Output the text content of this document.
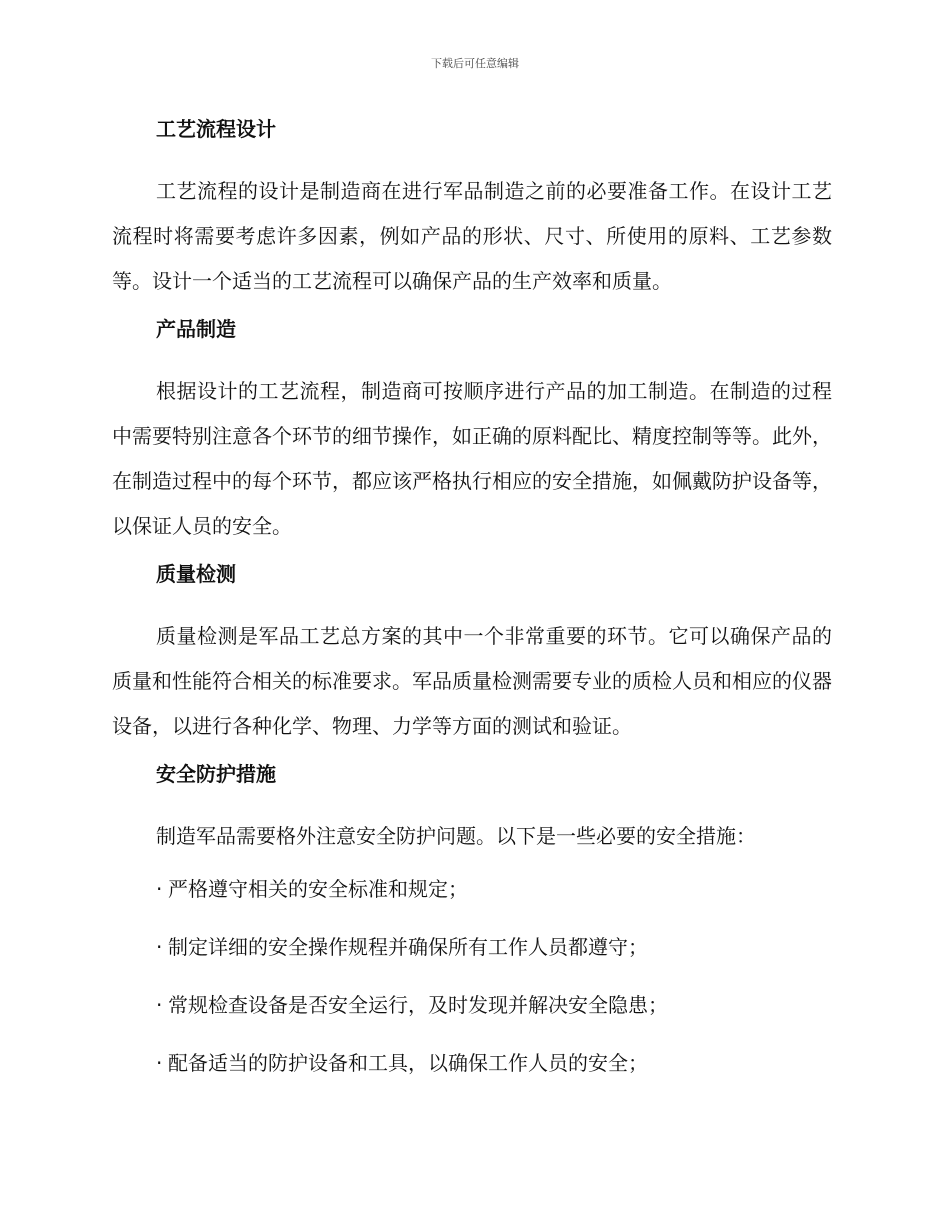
下载后可任意编辑
工艺流程设计

工艺流程的设计是制造商在进行军品制造之前的必要准备工作。在设计工艺流程时将需要考虑许多因素，例如产品的形状、尺寸、所使用的原料、工艺参数等。设计一个适当的工艺流程可以确保产品的生产效率和质量。

产品制造

根据设计的工艺流程，制造商可按顺序进行产品的加工制造。在制造的过程中需要特别注意各个环节的细节操作，如正确的原料配比、精度控制等等。此外，在制造过程中的每个环节，都应该严格执行相应的安全措施，如佩戴防护设备等，以保证人员的安全。

质量检测

质量检测是军品工艺总方案的其中一个非常重要的环节。它可以确保产品的质量和性能符合相关的标准要求。军品质量检测需要专业的质检人员和相应的仪器设备，以进行各种化学、物理、力学等方面的测试和验证。

安全防护措施

制造军品需要格外注意安全防护问题。以下是一些必要的安全措施：

· 严格遵守相关的安全标准和规定；
· 制定详细的安全操作规程并确保所有工作人员都遵守；
· 常规检查设备是否安全运行，及时发现并解决安全隐患；
· 配备适当的防护设备和工具，以确保工作人员的安全；
